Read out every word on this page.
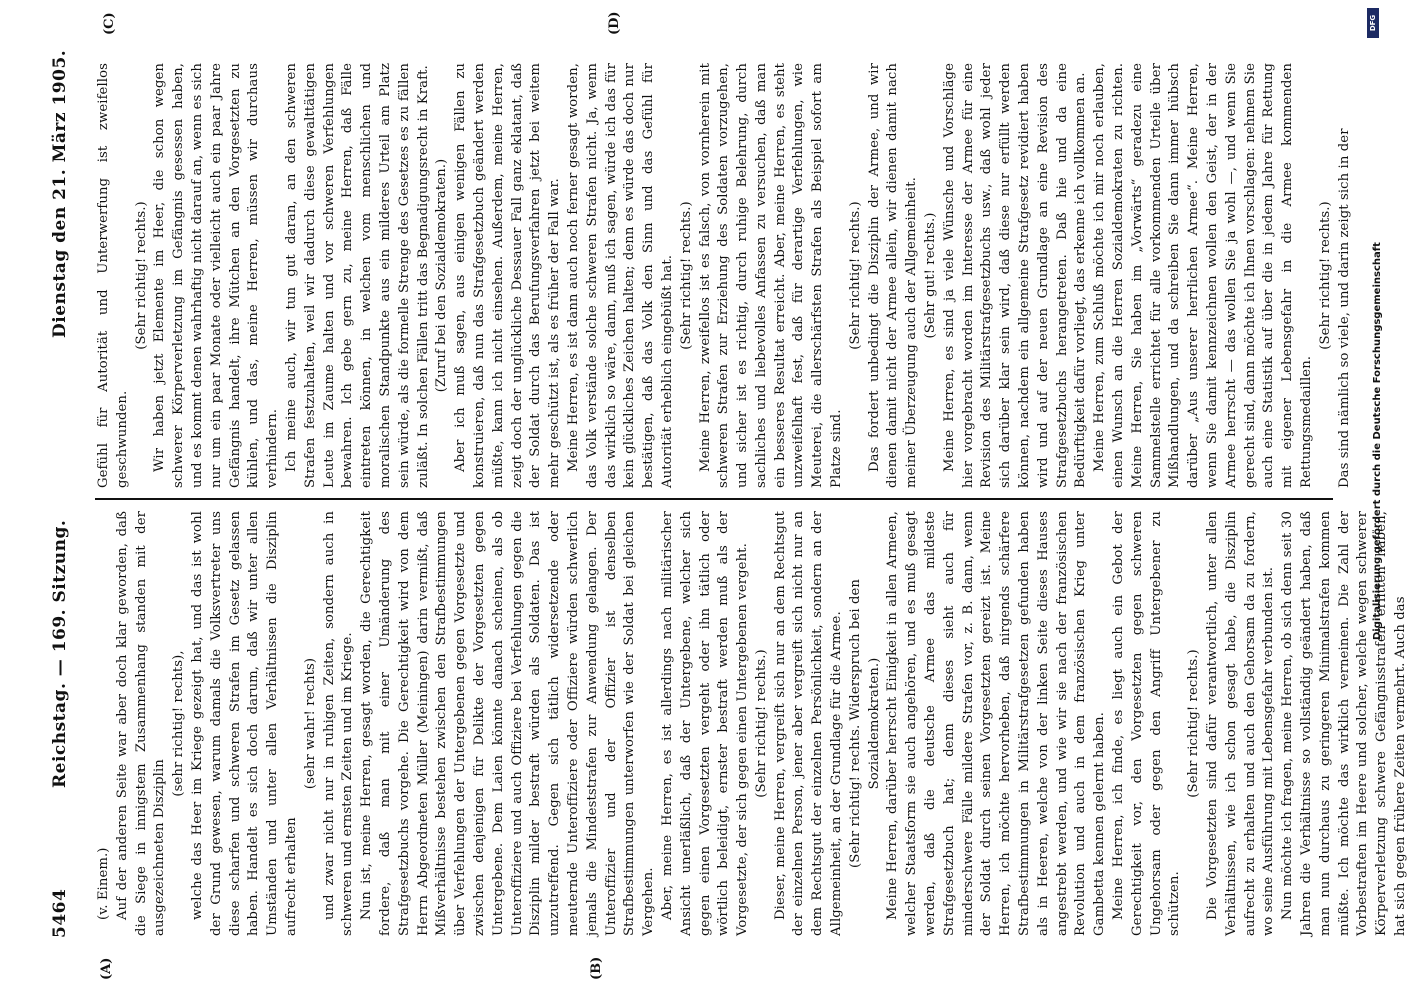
5464
Reichstag. — 169. Sitzung.
Dienstag den 21. März 1905.
(A)	(B)
(C)	(D)

(v. Einem.) Auf der anderen Seite war aber doch klar geworden, daß die Siege in innigstem Zusammenhang standen mit der ausgezeichneten Disziplin

(sehr richtig! rechts), welche das Heer im Kriege gezeigt hat, und das ist wohl der Grund gewesen, warum damals die Volksvertreter uns diese scharfen und schweren Strafen im Gesetz gelassen haben. Handelt es sich doch darum, daß wir unter allen Umständen und unter allen Verhältnissen die Disziplin aufrecht erhalten

(sehr wahr! rechts) und zwar nicht nur in ruhigen Zeiten, sondern auch in schweren und ernsten Zeiten und im Kriege. Nun ist, meine Herren, gesagt worden, die Gerechtigkeit fordere, daß man mit einer Umänderung des Strafgesetzbuchs vorgehe. Die Gerechtigkeit wird von dem Herrn Abgeordneten Müller (Meiningen) darin vermißt, daß Mißverhältnisse bestehen zwischen den Strafbestimmungen über Verfehlungen der Untergebenen gegen Vorgesetzte und zwischen denjenigen für Delikte der Vorgesetzten gegen Untergebene. Dem Laien könnte danach scheinen, als ob Unteroffiziere und auch Offiziere bei Verfehlungen gegen die Disziplin milder bestraft würden als Soldaten. Das ist unzutreffend. Gegen sich tätlich widersetzende oder meuternde Unteroffiziere oder Offiziere würden schwerlich jemals die Mindeststrafen zur Anwendung gelangen. Der Unteroffizier und der Offizier ist denselben Strafbestimmungen unterworfen wie der Soldat bei gleichen Vergehen. Aber, meine Herren, es ist allerdings nach militärischer Ansicht unerläßlich, daß der Untergebene, welcher sich gegen einen Vorgesetzten vergeht oder ihn tätlich oder wörtlich beleidigt, ernster bestraft werden muß als der Vorgesetzte, der sich gegen einen Untergebenen vergeht. (Sehr richtig! rechts.) Dieser, meine Herren, vergreift sich nur an dem Rechtsgut der einzelnen Person, jener aber vergreift sich nicht nur an dem Rechtsgut der einzelnen Persönlichkeit, sondern an der Allgemeinheit, an der Grundlage für die Armee. (Sehr richtig! rechts. Widerspruch bei den Sozialdemokraten.) Meine Herren, darüber herrscht Einigkeit in allen Armeen, welcher Staatsform sie auch angehören, und es muß gesagt werden, daß die deutsche Armee das mildeste Strafgesetzbuch hat; denn dieses sieht auch für minderschwere Fälle mildere Strafen vor, z. B. dann, wenn der Soldat durch seinen Vorgesetzten gereizt ist. Meine Herren, ich möchte hervorheben, daß nirgends schärfere Strafbestimmungen in Militärstrafgesetzen gefunden haben als in Heeren, welche von der linken Seite dieses Hauses angestrebt werden, und wie wir sie nach der französischen Revolution und auch in dem französischen Krieg unter Gambetta kennen gelernt haben. Meine Herren, ich finde, es liegt auch ein Gebot der Gerechtigkeit vor, den Vorgesetzten gegen schweren Ungehorsam oder gegen den Angriff Untergebener zu schützen.

(Sehr richtig! rechts.) Die Vorgesetzten sind dafür verantwortlich, unter allen Verhältnissen, wie ich schon gesagt habe, die Disziplin aufrecht zu erhalten und auch den Gehorsam da zu fordern, wo seine Ausführung mit Lebensgefahr verbunden ist. Nun möchte ich fragen, meine Herren, ob sich denn seit 30 Jahren die Verhältnisse so vollständig geändert haben, daß man nun durchaus zu geringeren Minimalstrafen kommen müßte. Ich möchte das wirklich verneinen. Die Zahl der Vorbestraften im Heere und solcher, welche wegen schwerer Körperverletzung schwere Gefängnisstrafen erlitten haben, hat sich gegen frühere Zeiten vermehrt. Auch das

Gefühl für Autorität und Unterwerfung ist zweifellos geschwunden.

(Sehr richtig! rechts.) Wir haben jetzt Elemente im Heer, die schon wegen schwerer Körperverletzung im Gefängnis gesessen haben, und es kommt denen wahrhaftig nicht darauf an, wenn es sich nur um ein paar Monate oder vielleicht auch ein paar Jahre Gefängnis handelt, ihre Mütchen an den Vorgesetzten zu kühlen, und das, meine Herren, müssen wir durchaus verhindern. Ich meine auch, wir tun gut daran, an den schweren Strafen festzuhalten, weil wir dadurch diese gewalttätigen Leute im Zaume halten und vor schweren Verfehlungen bewahren. Ich gebe gern zu, meine Herren, daß Fälle eintreten können, in welchen vom menschlichen und moralischen Standpunkte aus ein milderes Urteil am Platz sein würde, als die formelle Strenge des Gesetzes es zu fällen zuläßt. In solchen Fällen tritt das Begnadigungsrecht in Kraft. (Zuruf bei den Sozialdemokraten.) Aber ich muß sagen, aus einigen wenigen Fällen zu konstruieren, daß nun das Strafgesetzbuch geändert werden müßte, kann ich nicht einsehen. Außerdem, meine Herren, zeigt doch der unglückliche Dessauer Fall ganz eklatant, daß der Soldat durch das Berufungsverfahren jetzt bei weitem mehr geschützt ist, als es früher der Fall war. Meine Herren, es ist dann auch noch ferner gesagt worden, das Volk verstände solche schweren Strafen nicht. Ja, wenn das wirklich so wäre, dann, muß ich sagen, würde ich das für kein glückliches Zeichen halten; denn es würde das doch nur bestätigen, daß das Volk den Sinn und das Gefühl für Autorität erheblich eingebüßt hat. (Sehr richtig! rechts.) Meine Herren, zweifellos ist es falsch, von vornherein mit schweren Strafen zur Erziehung des Soldaten vorzugehen, und sicher ist es richtig, durch ruhige Belehrung, durch sachliches und liebevolles Anfassen zu versuchen, daß man ein besseres Resultat erreicht. Aber, meine Herren, es steht unzweifelhaft fest, daß für derartige Verfehlungen, wie Meuterei, die allerschärfsten Strafen als Beispiel sofort am Platze sind.

(Sehr richtig! rechts.) Das fordert unbedingt die Disziplin der Armee, und wir dienen damit nicht der Armee allein, wir dienen damit nach meiner Überzeugung auch der Allgemeinheit. (Sehr gut! rechts.) Meine Herren, es sind ja viele Wünsche und Vorschläge hier vorgebracht worden im Interesse der Armee für eine Revision des Militärstrafgesetzbuchs usw., daß wohl jeder sich darüber klar sein wird, daß diese nur erfüllt werden können, nachdem ein allgemeine Strafgesetz revidiert haben wird und auf der neuen Grundlage an eine Revision des Strafgesetzbuchs herangetreten. Daß hie und da eine Bedürftigkeit dafür vorliegt, das erkenne ich vollkommen an. Meine Herren, zum Schluß möchte ich mir noch erlauben, einen Wunsch an die Herren Sozialdemokraten zu richten. Meine Herren, Sie haben im „Vorwärts“ geradezu eine Sammelstelle errichtet für alle vorkommenden Urteile über Mißhandlungen, und da schreiben Sie dann immer hübsch darüber „Aus unserer herrlichen Armee“. Meine Herren, wenn Sie damit kennzeichnen wollen den Geist, der in der Armee herrscht — das wollen Sie ja wohl —, und wenn Sie gerecht sind, dann möchte ich Ihnen vorschlagen: nehmen Sie auch eine Statistik auf über die in jedem Jahre für Rettung mit eigener Lebensgefahr in die Armee kommenden Rettungsmedaillen.

(Sehr richtig! rechts.) Das sind nämlich so viele, und darin zeigt sich in der

DFG
Digitalisierung gefördert durch die Deutsche Forschungsgemeinschaft
